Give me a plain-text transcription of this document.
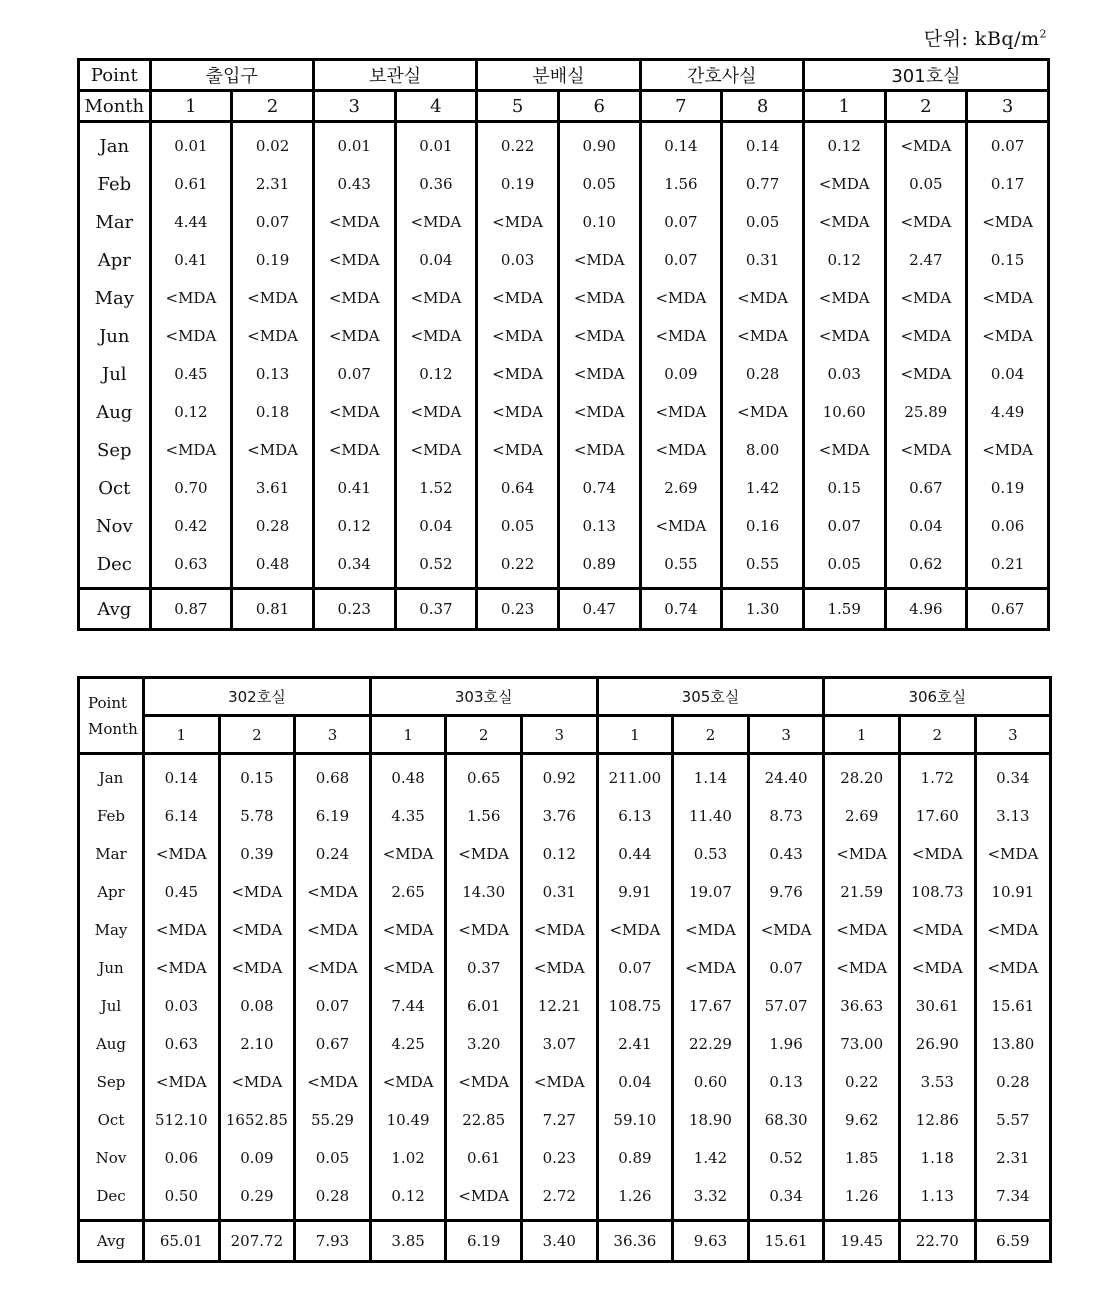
단위: kBq/$m^2$
Point	출입구		보관실		분배실		간호사실		301호실		
Month	1	2	3	4	5	6	7	8	1	2	3
Jan	0.01	0.02	0.01	0.01	0.22	0.90	0.14	0.14	0.12	<MDA	0.07
Feb	0.61	2.31	0.43	0.36	0.19	0.05	1.56	0.77	<MDA	0.05	0.17
Mar	4.44	0.07	<MDA	<MDA	<MDA	0.10	0.07	0.05	<MDA	<MDA	<MDA
Apr	0.41	0.19	<MDA	0.04	0.03	<MDA	0.07	0.31	0.12	2.47	0.15
May	<MDA	<MDA	<MDA	<MDA	<MDA	<MDA	<MDA	<MDA	<MDA	<MDA	<MDA
Jun	<MDA	<MDA	<MDA	<MDA	<MDA	<MDA	<MDA	<MDA	<MDA	<MDA	<MDA
Jul	0.45	0.13	0.07	0.12	<MDA	<MDA	0.09	0.28	0.03	<MDA	0.04
Aug	0.12	0.18	<MDA	<MDA	<MDA	<MDA	<MDA	<MDA	10.60	25.89	4.49
Sep	<MDA	<MDA	<MDA	<MDA	<MDA	<MDA	<MDA	8.00	<MDA	<MDA	<MDA
Oct	0.70	3.61	0.41	1.52	0.64	0.74	2.69	1.42	0.15	0.67	0.19
Nov	0.42	0.28	0.12	0.04	0.05	0.13	<MDA	0.16	0.07	0.04	0.06
Dec	0.63	0.48	0.34	0.52	0.22	0.89	0.55	0.55	0.05	0.62	0.21
Avg	0.87	0.81	0.23	0.37	0.23	0.47	0.74	1.30	1.59	4.96	0.67
Point
Month	302호실			303호실			305호실			306호실		
	1	2	3	1	2	3	1	2	3	1	2	3
Jan	0.14	0.15	0.68	0.48	0.65	0.92	211.00	1.14	24.40	28.20	1.72	0.34
Feb	6.14	5.78	6.19	4.35	1.56	3.76	6.13	11.40	8.73	2.69	17.60	3.13
Mar	<MDA	0.39	0.24	<MDA	<MDA	0.12	0.44	0.53	0.43	<MDA	<MDA	<MDA
Apr	0.45	<MDA	<MDA	2.65	14.30	0.31	9.91	19.07	9.76	21.59	108.73	10.91
May	<MDA	<MDA	<MDA	<MDA	<MDA	<MDA	<MDA	<MDA	<MDA	<MDA	<MDA	<MDA
Jun	<MDA	<MDA	<MDA	<MDA	0.37	<MDA	0.07	<MDA	0.07	<MDA	<MDA	<MDA
Jul	0.03	0.08	0.07	7.44	6.01	12.21	108.75	17.67	57.07	36.63	30.61	15.61
Aug	0.63	2.10	0.67	4.25	3.20	3.07	2.41	22.29	1.96	73.00	26.90	13.80
Sep	<MDA	<MDA	<MDA	<MDA	<MDA	<MDA	0.04	0.60	0.13	0.22	3.53	0.28
Oct	512.10	1652.85	55.29	10.49	22.85	7.27	59.10	18.90	68.30	9.62	12.86	5.57
Nov	0.06	0.09	0.05	1.02	0.61	0.23	0.89	1.42	0.52	1.85	1.18	2.31
Dec	0.50	0.29	0.28	0.12	<MDA	2.72	1.26	3.32	0.34	1.26	1.13	7.34
Avg	65.01	207.72	7.93	3.85	6.19	3.40	36.36	9.63	15.61	19.45	22.70	6.59
